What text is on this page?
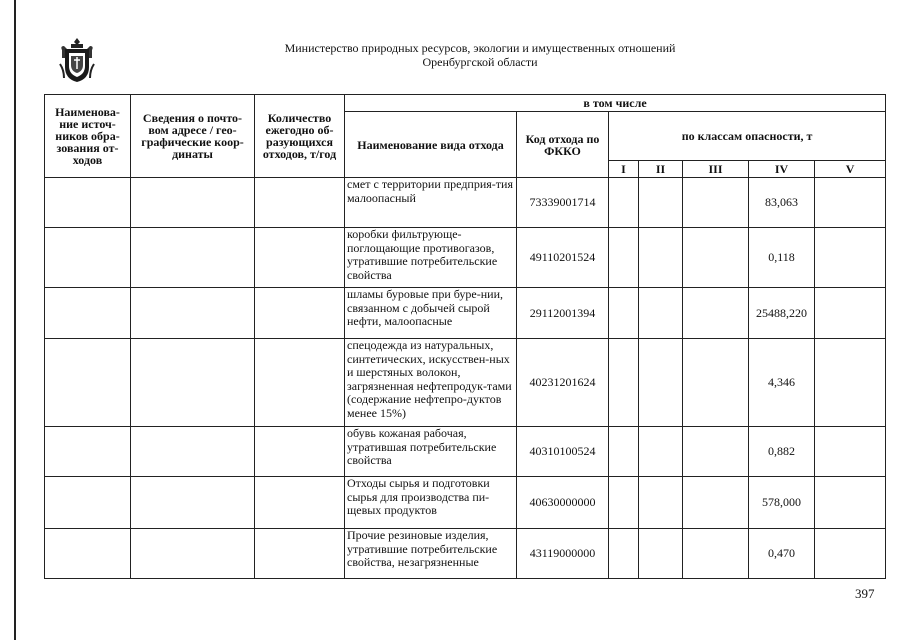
Министерство природных ресурсов, экологии и имущественных отношений
Оренбургской области
Наименова-ние источ-ников обра-зования от-ходов	Сведения о почто-вом адресе / гео-графические коор-динаты	Количество ежегодно об-разующихся отходов, т/год	в том числе						
			Наименование вида отхода	Код отхода по ФККО	по классам опасности, т				
					I	II	III	IV	V
			смет с территории предприя-тия малоопасный	73339001714				83,063	
			коробки фильтрующе-поглощающие противогазов, утратившие потребительские свойства	49110201524				0,118	
			шламы буровые при буре-нии, связанном с добычей сырой нефти, малоопасные	29112001394				25488,220	
			спецодежда из натуральных, синтетических, искусствен-ных и шерстяных волокон, загрязненная нефтепродук-тами (содержание нефтепро-дуктов менее 15%)	40231201624				4,346	
			обувь кожаная рабочая, утратившая потребительские свойства	40310100524				0,882	
			Отходы сырья и подготовки сырья для производства пи-щевых продуктов	40630000000				578,000	
			Прочие резиновые изделия, утратившие потребительские свойства, незагрязненные	43119000000				0,470	
397
